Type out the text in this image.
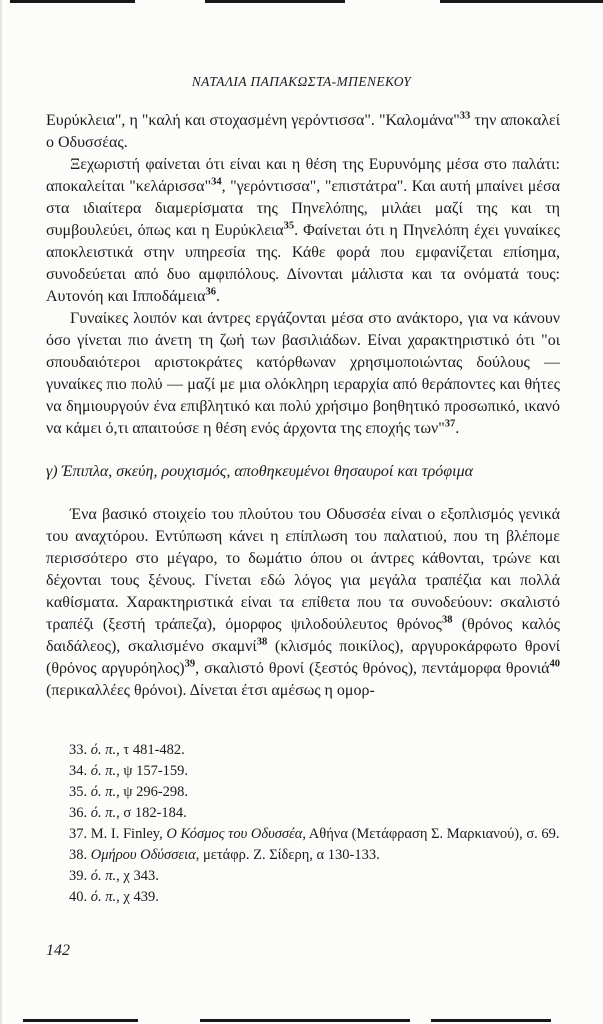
ΝΑΤΑΛΙΑ ΠΑΠΑΚΩΣΤΑ-ΜΠΕΝΕΚΟΥ

Ευρύκλεια", η "καλή και στοχασμένη γερόντισσα". "Καλομάνα"$^{33}$ την αποκαλεί ο Οδυσσέας.

Ξεχωριστή φαίνεται ότι είναι και η θέση της Ευρυνόμης μέσα στο παλάτι: αποκαλείται "κελάρισσα"$^{34}$, "γερόντισσα", "επιστάτρα". Και αυτή μπαίνει μέσα στα ιδιαίτερα διαμερίσματα της Πηνελόπης, μιλάει μαζί της και τη συμβουλεύει, όπως και η Ευρύκλεια$^{35}$. Φαίνεται ότι η Πηνελόπη έχει γυναίκες αποκλειστικά στην υπηρεσία της. Κάθε φορά που εμφανίζεται επίσημα, συνοδεύεται από δυο αμφιπόλους. Δίνονται μάλιστα και τα ονόματά τους: Αυτονόη και Ιπποδάμεια$^{36}$.

Γυναίκες λοιπόν και άντρες εργάζονται μέσα στο ανάκτορο, για να κάνουν όσο γίνεται πιο άνετη τη ζωή των βασιλιάδων. Είναι χαρακτηριστικό ότι "οι σπουδαιότεροι αριστοκράτες κατόρθωναν χρησιμοποιώντας δούλους — γυναίκες πιο πολύ — μαζί με μια ολόκληρη ιεραρχία από θεράποντες και θήτες να δημιουργούν ένα επιβλητικό και πολύ χρήσιμο βοηθητικό προσωπικό, ικανό να κάμει ό,τι απαιτούσε η θέση ενός άρχοντα της εποχής των"$^{37}$.

γ) Έπιπλα, σκεύη, ρουχισμός, αποθηκευμένοι θησαυροί και τρόφιμα

Ένα βασικό στοιχείο του πλούτου του Οδυσσέα είναι ο εξοπλισμός γενικά του αναχτόρου. Εντύπωση κάνει η επίπλωση του παλατιού, που τη βλέπομε περισσότερο στο μέγαρο, το δωμάτιο όπου οι άντρες κάθονται, τρώνε και δέχονται τους ξένους. Γίνεται εδώ λόγος για μεγάλα τραπέζια και πολλά καθίσματα. Χαρακτηριστικά είναι τα επίθετα που τα συνοδεύουν: σκαλιστό τραπέζι (ξεστή τράπεζα), όμορφος ψιλοδούλευτος θρόνος$^{38}$ (θρόνος καλός δαιδάλεος), σκαλισμένο σκαμνί$^{38}$ (κλισμός ποικίλος), αργυροκάρφωτο θρονί (θρόνος αργυρόηλος)$^{39}$, σκαλιστό θρονί (ξεστός θρόνος), πεντάμορφα θρονιά$^{40}$ (περικαλλέες θρόνοι). Δίνεται έτσι αμέσως η ομορ-

33. ό. π., τ 481-482.

34. ό. π., ψ 157-159.

35. ό. π., ψ 296-298.

36. ό. π., σ 182-184.

37. M. I. Finley, Ο Κόσμος του Οδυσσέα, Αθήνα (Μετάφραση Σ. Μαρκιανού), σ. 69.

38. Ομήρου Οδύσσεια, μετάφρ. Ζ. Σίδερη, α 130-133.

39. ό. π., χ 343.

40. ό. π., χ 439.

142
